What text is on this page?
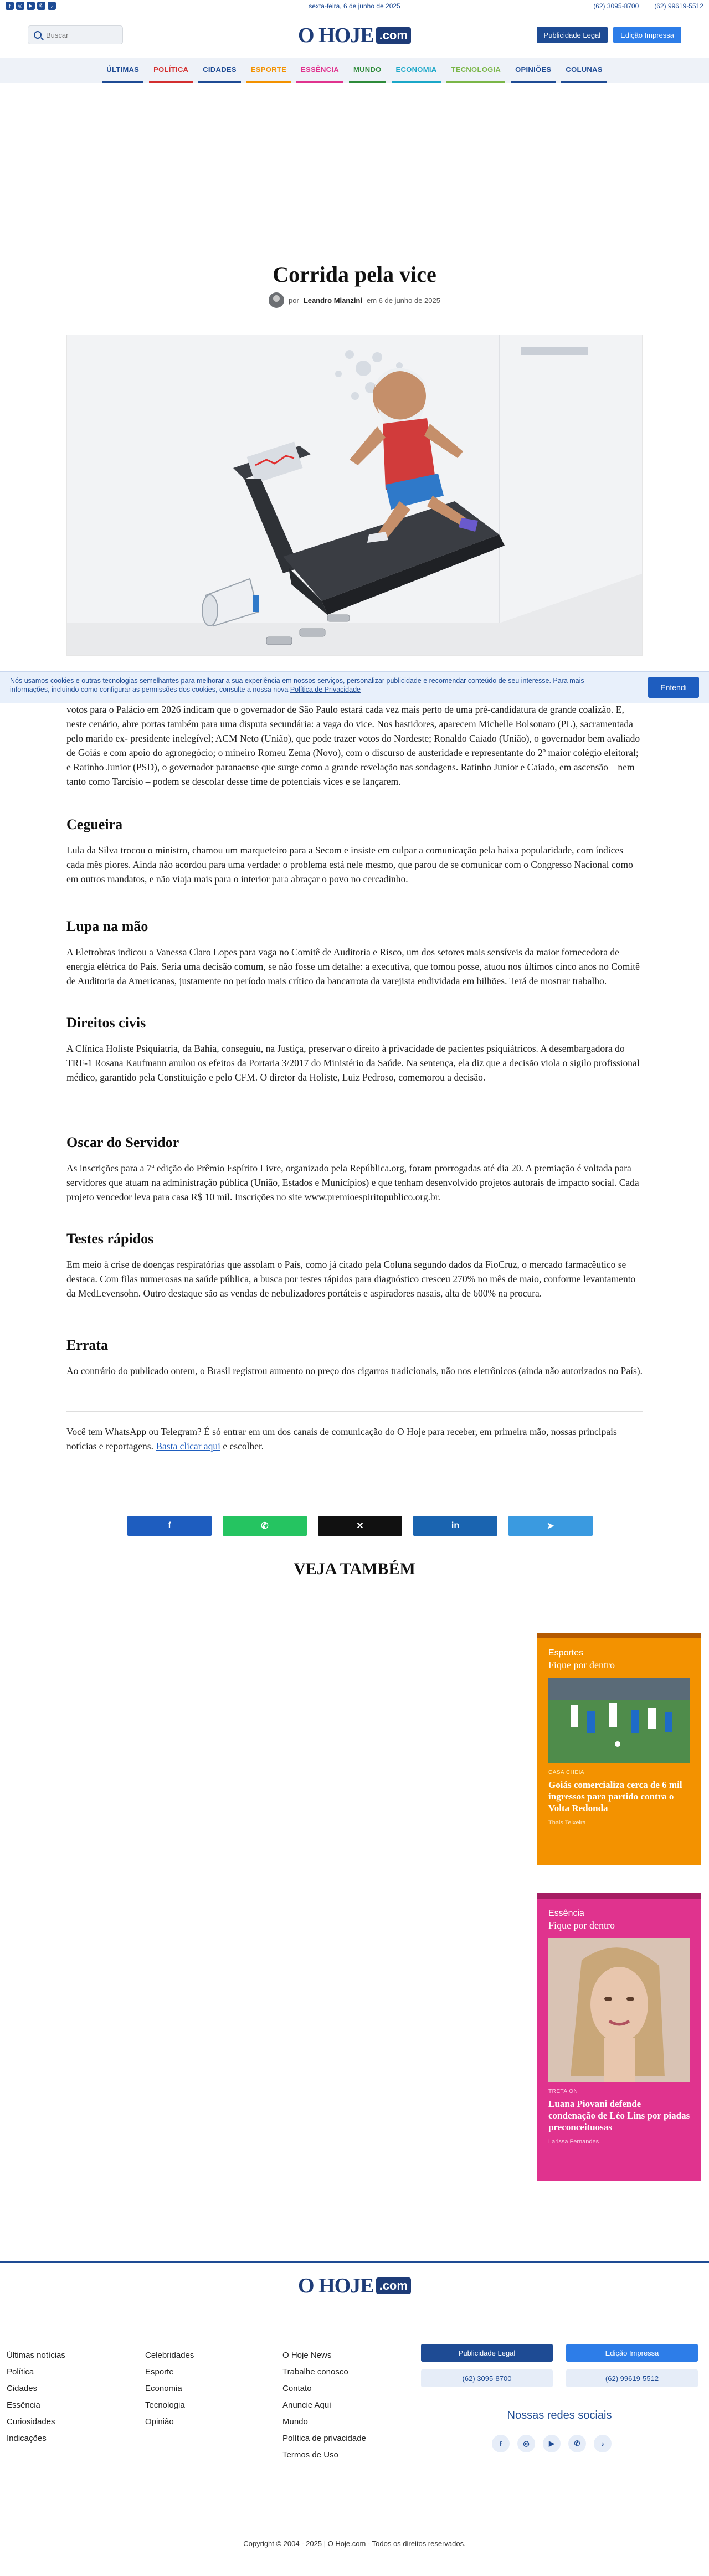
f	◎	▶	✆	♪	sexta-feira, 6 de junho de 2025	(62) 3095-8700 (62) 99619-5512
Buscar
O HOJE .com	Publicidade Legal	Edição Impressa
ÚLTIMAS	POLÍTICA	CIDADES	ESPORTE	ESSÊNCIA	MUNDO	ECONOMIA	TECNOLOGIA	OPINIÕES	COLUNAS
Corrida pela vice
por Leandro Mianzini em 6 de junho de 2025

Nós usamos cookies e outras tecnologias semelhantes para melhorar a sua experiência em nossos serviços, personalizar publicidade e recomendar conteúdo de seu interesse. Para mais informações, incluindo como configurar as permissões dos cookies, consulte a nossa nova Política de Privacidade	Entendi

votos para o Palácio em 2026 indicam que o governador de São Paulo estará cada vez mais perto de uma pré-candidatura de grande coalizão. E, neste cenário, abre portas também para uma disputa secundária: a vaga do vice. Nos bastidores, aparecem Michelle Bolsonaro (PL), sacramentada pelo marido ex- presidente inelegível; ACM Neto (União), que pode trazer votos do Nordeste; Ronaldo Caiado (União), o governador bem avaliado de Goiás e com apoio do agronegócio; o mineiro Romeu Zema (Novo), com o discurso de austeridade e representante do 2º maior colégio eleitoral; e Ratinho Junior (PSD), o governador paranaense que surge como a grande revelação nas sondagens. Ratinho Junior e Caiado, em ascensão – nem tanto como Tarcísio – podem se descolar desse time de potenciais vices e se lançarem.

Cegueira

Lula da Silva trocou o ministro, chamou um marqueteiro para a Secom e insiste em culpar a comunicação pela baixa popularidade, com índices cada mês piores. Ainda não acordou para uma verdade: o problema está nele mesmo, que parou de se comunicar com o Congresso Nacional como em outros mandatos, e não viaja mais para o interior para abraçar o povo no cercadinho.

Lupa na mão

A Eletrobras indicou a Vanessa Claro Lopes para vaga no Comitê de Auditoria e Risco, um dos setores mais sensíveis da maior fornecedora de energia elétrica do País. Seria uma decisão comum, se não fosse um detalhe: a executiva, que tomou posse, atuou nos últimos cinco anos no Comitê de Auditoria da Americanas, justamente no período mais crítico da bancarrota da varejista endividada em bilhões. Terá de mostrar trabalho.

Direitos civis

A Clínica Holiste Psiquiatria, da Bahia, conseguiu, na Justiça, preservar o direito à privacidade de pacientes psiquiátricos. A desembargadora do TRF-1 Rosana Kaufmann anulou os efeitos da Portaria 3/2017 do Ministério da Saúde. Na sentença, ela diz que a decisão viola o sigilo profissional médico, garantido pela Constituição e pelo CFM. O diretor da Holiste, Luiz Pedroso, comemorou a decisão.

Oscar do Servidor

As inscrições para a 7ª edição do Prêmio Espírito Livre, organizado pela República.org, foram prorrogadas até dia 20. A premiação é voltada para servidores que atuam na administração pública (União, Estados e Municípios) e que tenham desenvolvido projetos autorais de impacto social. Cada projeto vencedor leva para casa R$ 10 mil. Inscrições no site www.premioespiritopublico.org.br.

Testes rápidos

Em meio à crise de doenças respiratórias que assolam o País, como já citado pela Coluna segundo dados da FioCruz, o mercado farmacêutico se destaca. Com filas numerosas na saúde pública, a busca por testes rápidos para diagnóstico cresceu 270% no mês de maio, conforme levantamento da MedLevensohn. Outro destaque são as vendas de nebulizadores portáteis e aspiradores nasais, alta de 600% na procura.

Errata

Ao contrário do publicado ontem, o Brasil registrou aumento no preço dos cigarros tradicionais, não nos eletrônicos (ainda não autorizados no País).

Você tem WhatsApp ou Telegram? É só entrar em um dos canais de comunicação do O Hoje para receber, em primeira mão, nossas principais notícias e reportagens. Basta clicar aqui e escolher.

f	✆	✕	in	➤
VEJA TAMBÉM
Esportes
Fique por dentro
CASA CHEIA
Goiás comercializa cerca de 6 mil ingressos para partido contra o Volta Redonda
Thais Teixeira
Essência
Fique por dentro
TRETA ON
Luana Piovani defende condenação de Léo Lins por piadas preconceituosas
Larissa Fernandes
O HOJE .com
Últimas notícias
Política
Cidades
Essência
Curiosidades
Indicações
Celebridades
Esporte
Economia
Tecnologia
Opinião
O Hoje News
Trabalhe conosco
Contato
Anuncie Aqui
Mundo
Política de privacidade
Termos de Uso
Publicidade Legal	Edição Impressa
(62) 3095-8700	(62) 99619-5512
Nossas redes sociais
f	◎	▶	✆	♪
Copyright © 2004 - 2025 | O Hoje.com - Todos os direitos reservados.
